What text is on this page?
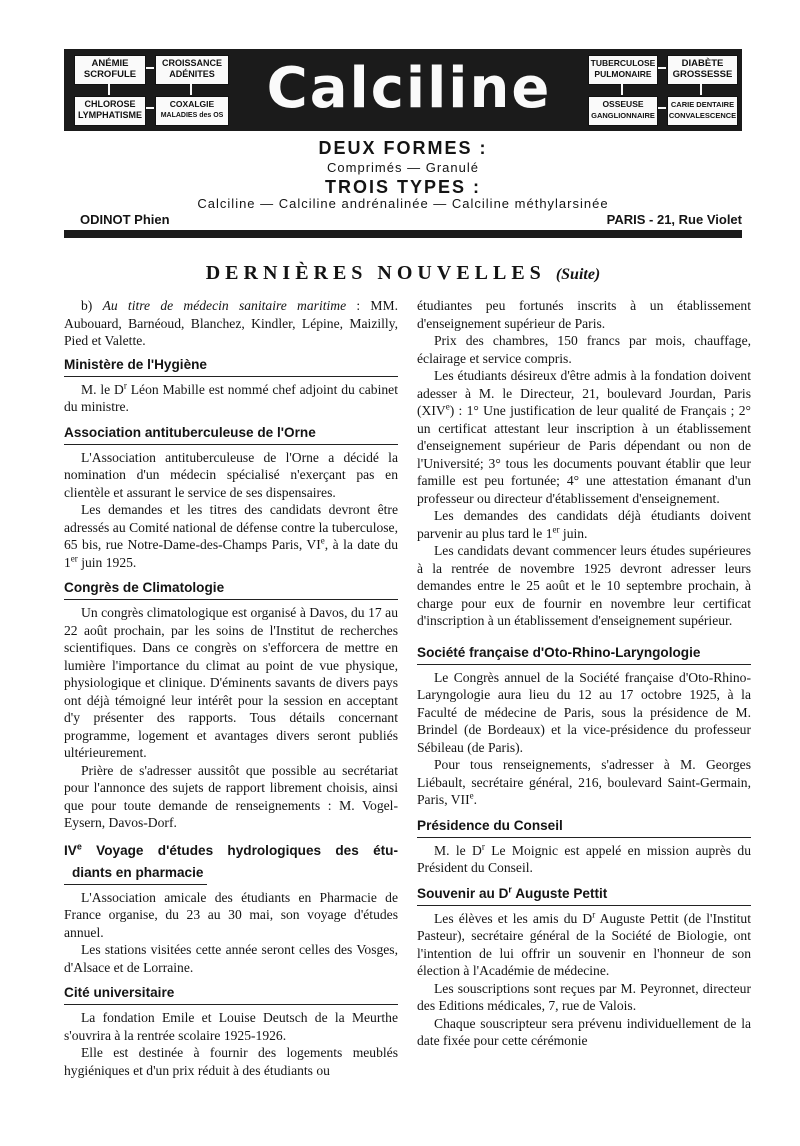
ANÉMIE
SCROFULE
CROISSANCE
ADÉNITES
CHLOROSE
LYMPHATISME
COXALGIE
MALADIES des OS Calciline	TUBERCULOSE
PULMONAIRE
DIABÈTE
GROSSESSE
OSSEUSE
GANGLIONNAIRE
CARIE DENTAIRE
CONVALESCENCE
DEUX FORMES :
Comprimés — Granulé
TROIS TYPES :
Calciline — Calciline andrénalinée — Calciline méthylarsinée
ODINOT Phien	PARIS - 21, Rue Violet
DERNIÈRES NOUVELLES (Suite)

b) Au titre de médecin sanitaire maritime : MM. Aubouard, Barnéoud, Blanchez, Kindler, Lépine, Maizilly, Pied et Valette.

Ministère de l'Hygiène

M. le $D^r$ Léon Mabille est nommé chef adjoint du cabinet du ministre.

Association antituberculeuse de l'Orne

L'Association antituberculeuse de l'Orne a décidé la nomination d'un médecin spécialisé n'exerçant pas en clientèle et assurant le service de ses dispensaires.

Les demandes et les titres des candidats devront être adressés au Comité national de défense contre la tuberculose, 65 bis, rue Notre-Dame-des-Champs Paris, VIe, à la date du 1er juin 1925.

Congrès de Climatologie

Un congrès climatologique est organisé à Davos, du 17 au 22 août prochain, par les soins de l'Institut de recherches scientifiques. Dans ce congrès on s'efforcera de mettre en lumière l'importance du climat au point de vue physique, physiologique et clinique. D'éminents savants de divers pays ont déjà témoigné leur intérêt pour la session en acceptant d'y présenter des rapports. Tous détails concernant programme, logement et avantages divers seront publiés ultérieurement.

Prière de s'adresser aussitôt que possible au secrétariat pour l'annonce des sujets de rapport librement choisis, ainsi que pour toute demande de renseignements : M. Vogel-Eysern, Davos-Dorf.

IVe Voyage d'études hydrologiques des étu-
diants en pharmacie

L'Association amicale des étudiants en Pharmacie de France organise, du 23 au 30 mai, son voyage d'études annuel.

Les stations visitées cette année seront celles des Vosges, d'Alsace et de Lorraine.

Cité universitaire

La fondation Emile et Louise Deutsch de la Meurthe s'ouvrira à la rentrée scolaire 1925-1926.

Elle est destinée à fournir des logements meublés hygiéniques et d'un prix réduit à des étudiants ou

étudiantes peu fortunés inscrits à un établissement d'enseignement supérieur de Paris.

Prix des chambres, 150 francs par mois, chauffage, éclairage et service compris.

Les étudiants désireux d'être admis à la fondation doivent adesser à M. le Directeur, 21, boulevard Jourdan, Paris (XIVe) : 1° Une justification de leur qualité de Français ; 2° un certificat attestant leur inscription à un établissement d'enseignement supérieur de Paris dépendant ou non de l'Université; 3° tous les documents pouvant établir que leur famille est peu fortunée; 4° une attestation émanant d'un professeur ou directeur d'établissement d'enseignement.

Les demandes des candidats déjà étudiants doivent parvenir au plus tard le 1er juin.

Les candidats devant commencer leurs études supérieures à la rentrée de novembre 1925 devront adresser leurs demandes entre le 25 août et le 10 septembre prochain, à charge pour eux de fournir en novembre leur certificat d'inscription à un établissement d'enseignement supérieur.

Société française d'Oto-Rhino-Laryngologie

Le Congrès annuel de la Société française d'Oto-Rhino-Laryngologie aura lieu du 12 au 17 octobre 1925, à la Faculté de médecine de Paris, sous la présidence de M. Brindel (de Bordeaux) et la vice-présidence du professeur Sébileau (de Paris).

Pour tous renseignements, s'adresser à M. Georges Liébault, secrétaire général, 216, boulevard Saint-Germain, Paris, VIIe.

Présidence du Conseil

M. le $D^r$ Le Moignic est appelé en mission auprès du Président du Conseil.

Souvenir au $D^r$ Auguste Pettit

Les élèves et les amis du $D^r$ Auguste Pettit (de l'Institut Pasteur), secrétaire général de la Société de Biologie, ont l'intention de lui offrir un souvenir en l'honneur de son élection à l'Académie de médecine.

Les souscriptions sont reçues par M. Peyronnet, directeur des Editions médicales, 7, rue de Valois.

Chaque souscripteur sera prévenu individuellement de la date fixée pour cette cérémonie
